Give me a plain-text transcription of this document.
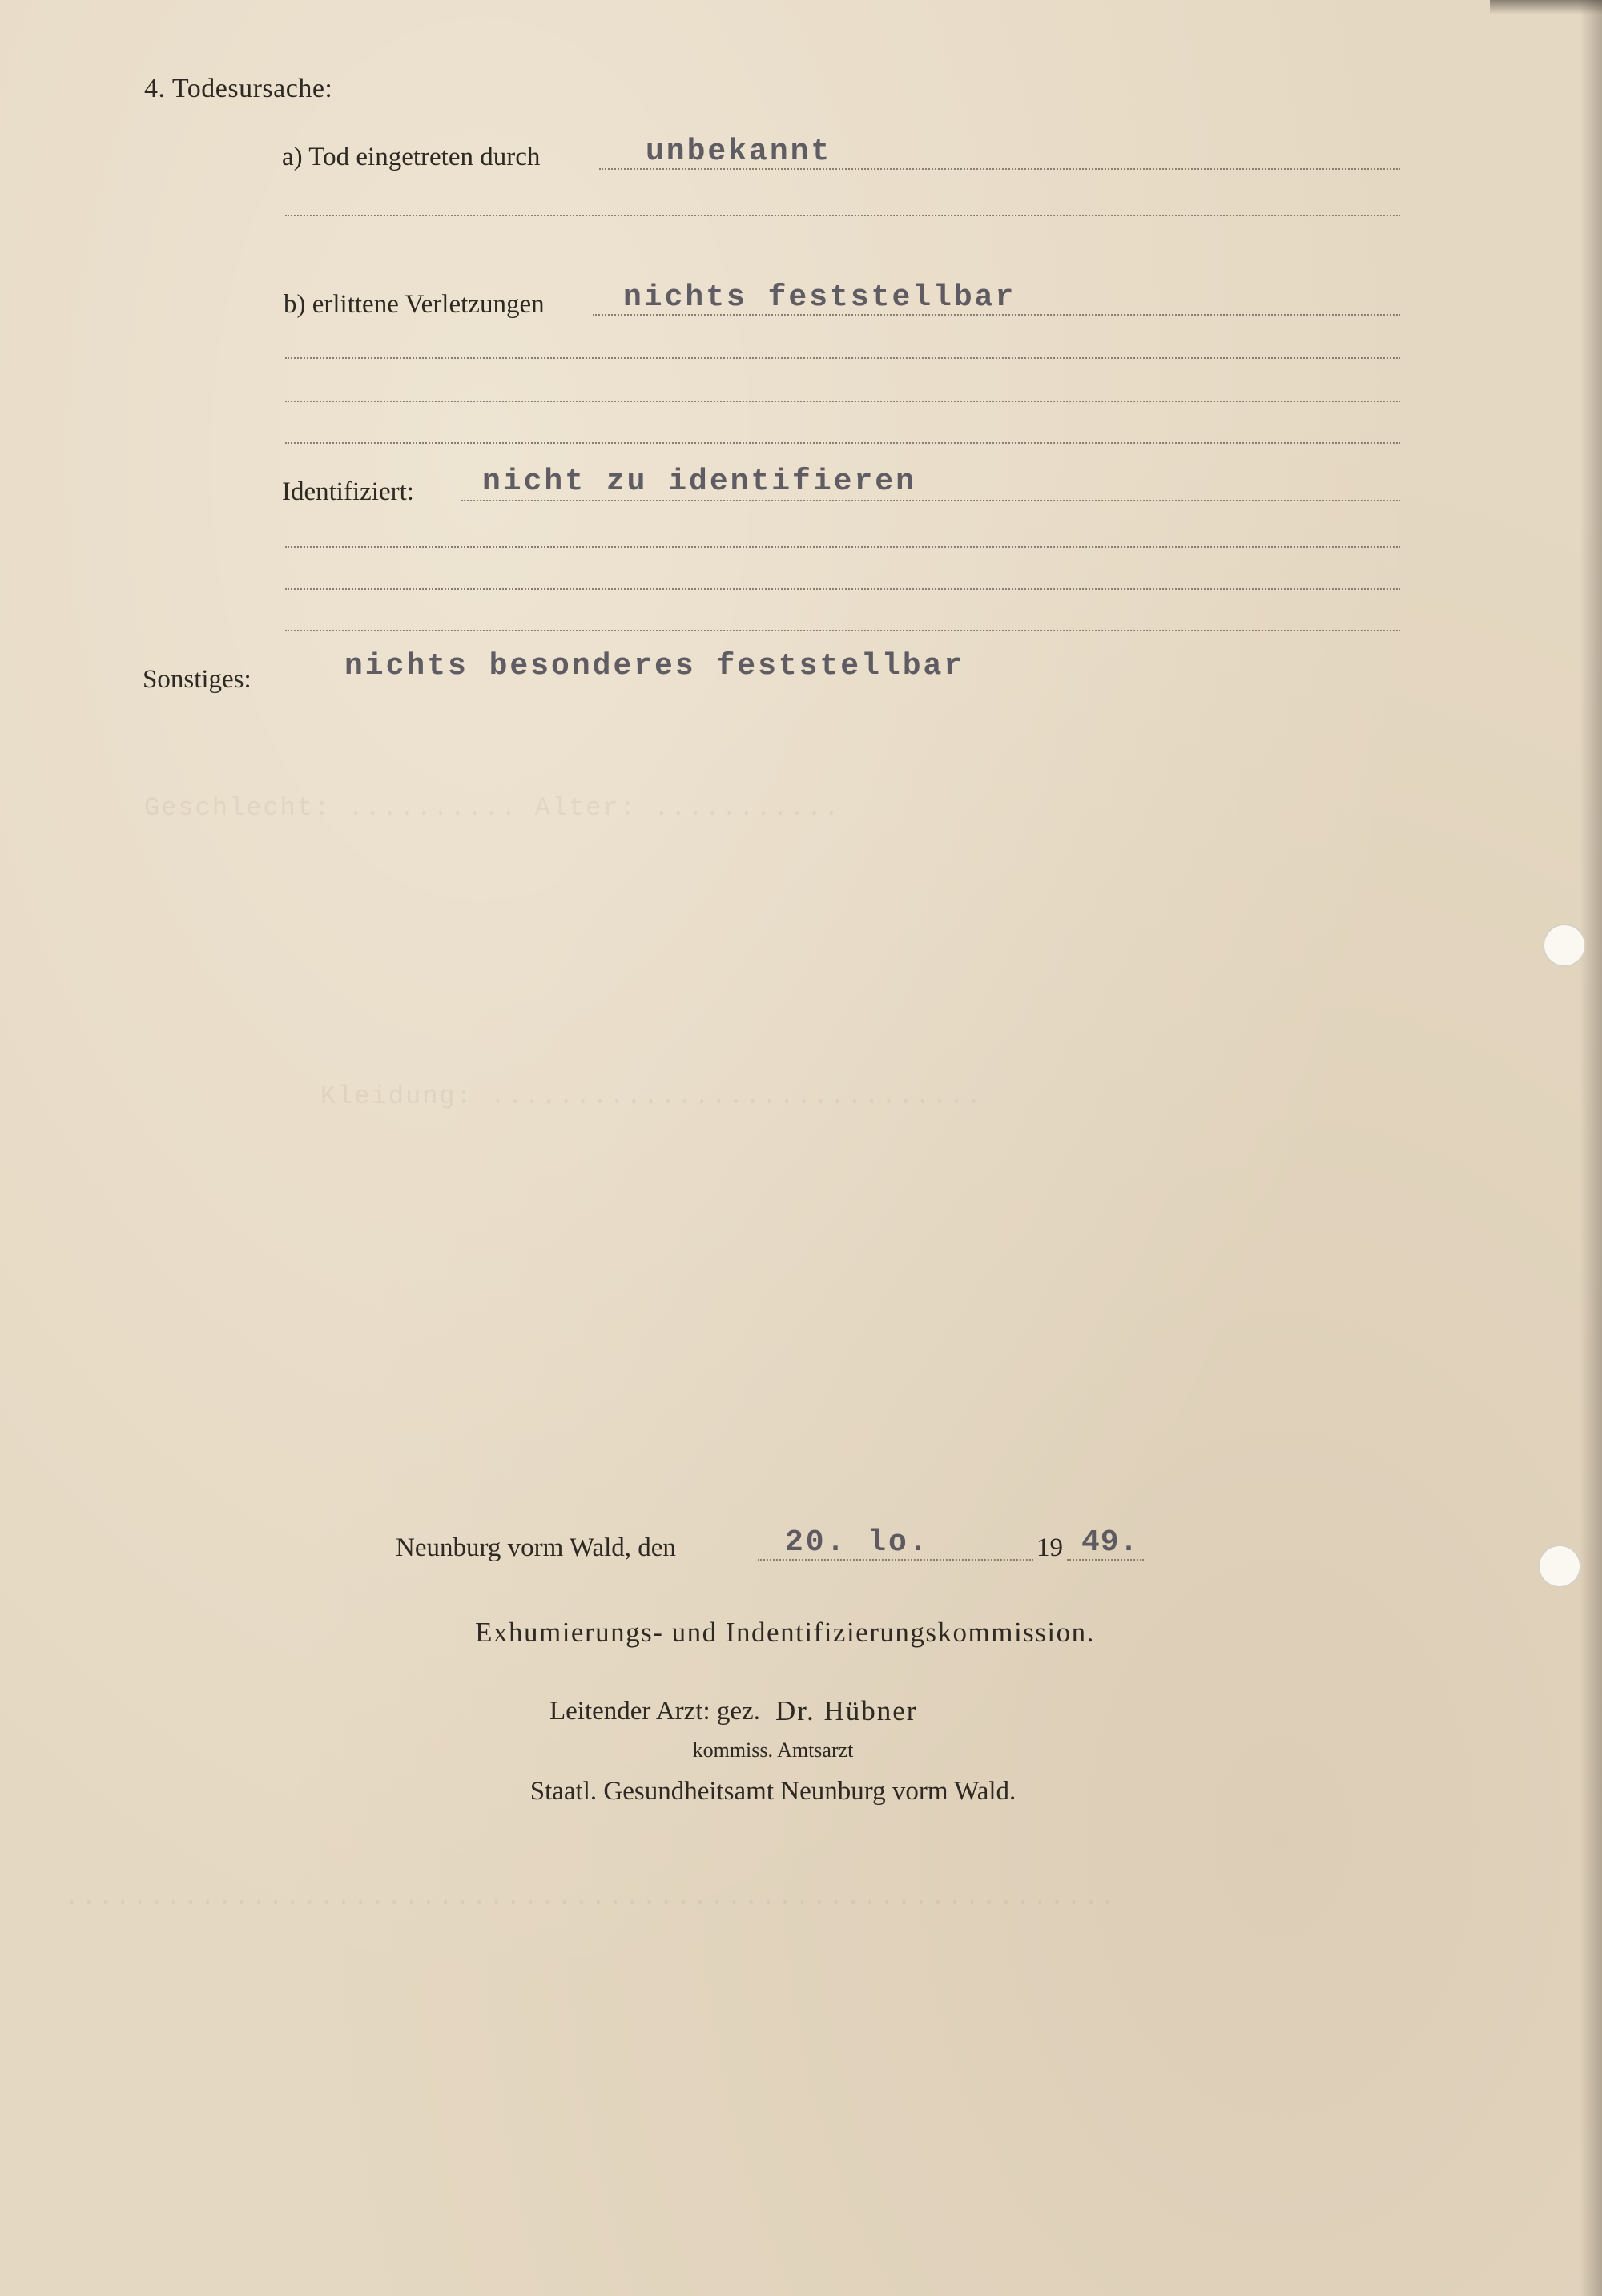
Geschlecht: .......... Alter: ...........
Kleidung: .............................
..............................................................
4. Todesursache:
a) Tod eingetreten durch	unbekannt
b) erlittene Verletzungen	nichts feststellbar
Identifiziert: nicht zu identifieren
Sonstiges:	nichts besonderes feststellbar
Neunburg vorm Wald, den	20. lo.	19 49.
Exhumierungs- und Indentifizierungskommission.
Leitender Arzt: gez. Dr. Hübner
kommiss. Amtsarzt
Staatl. Gesundheitsamt Neunburg vorm Wald.
